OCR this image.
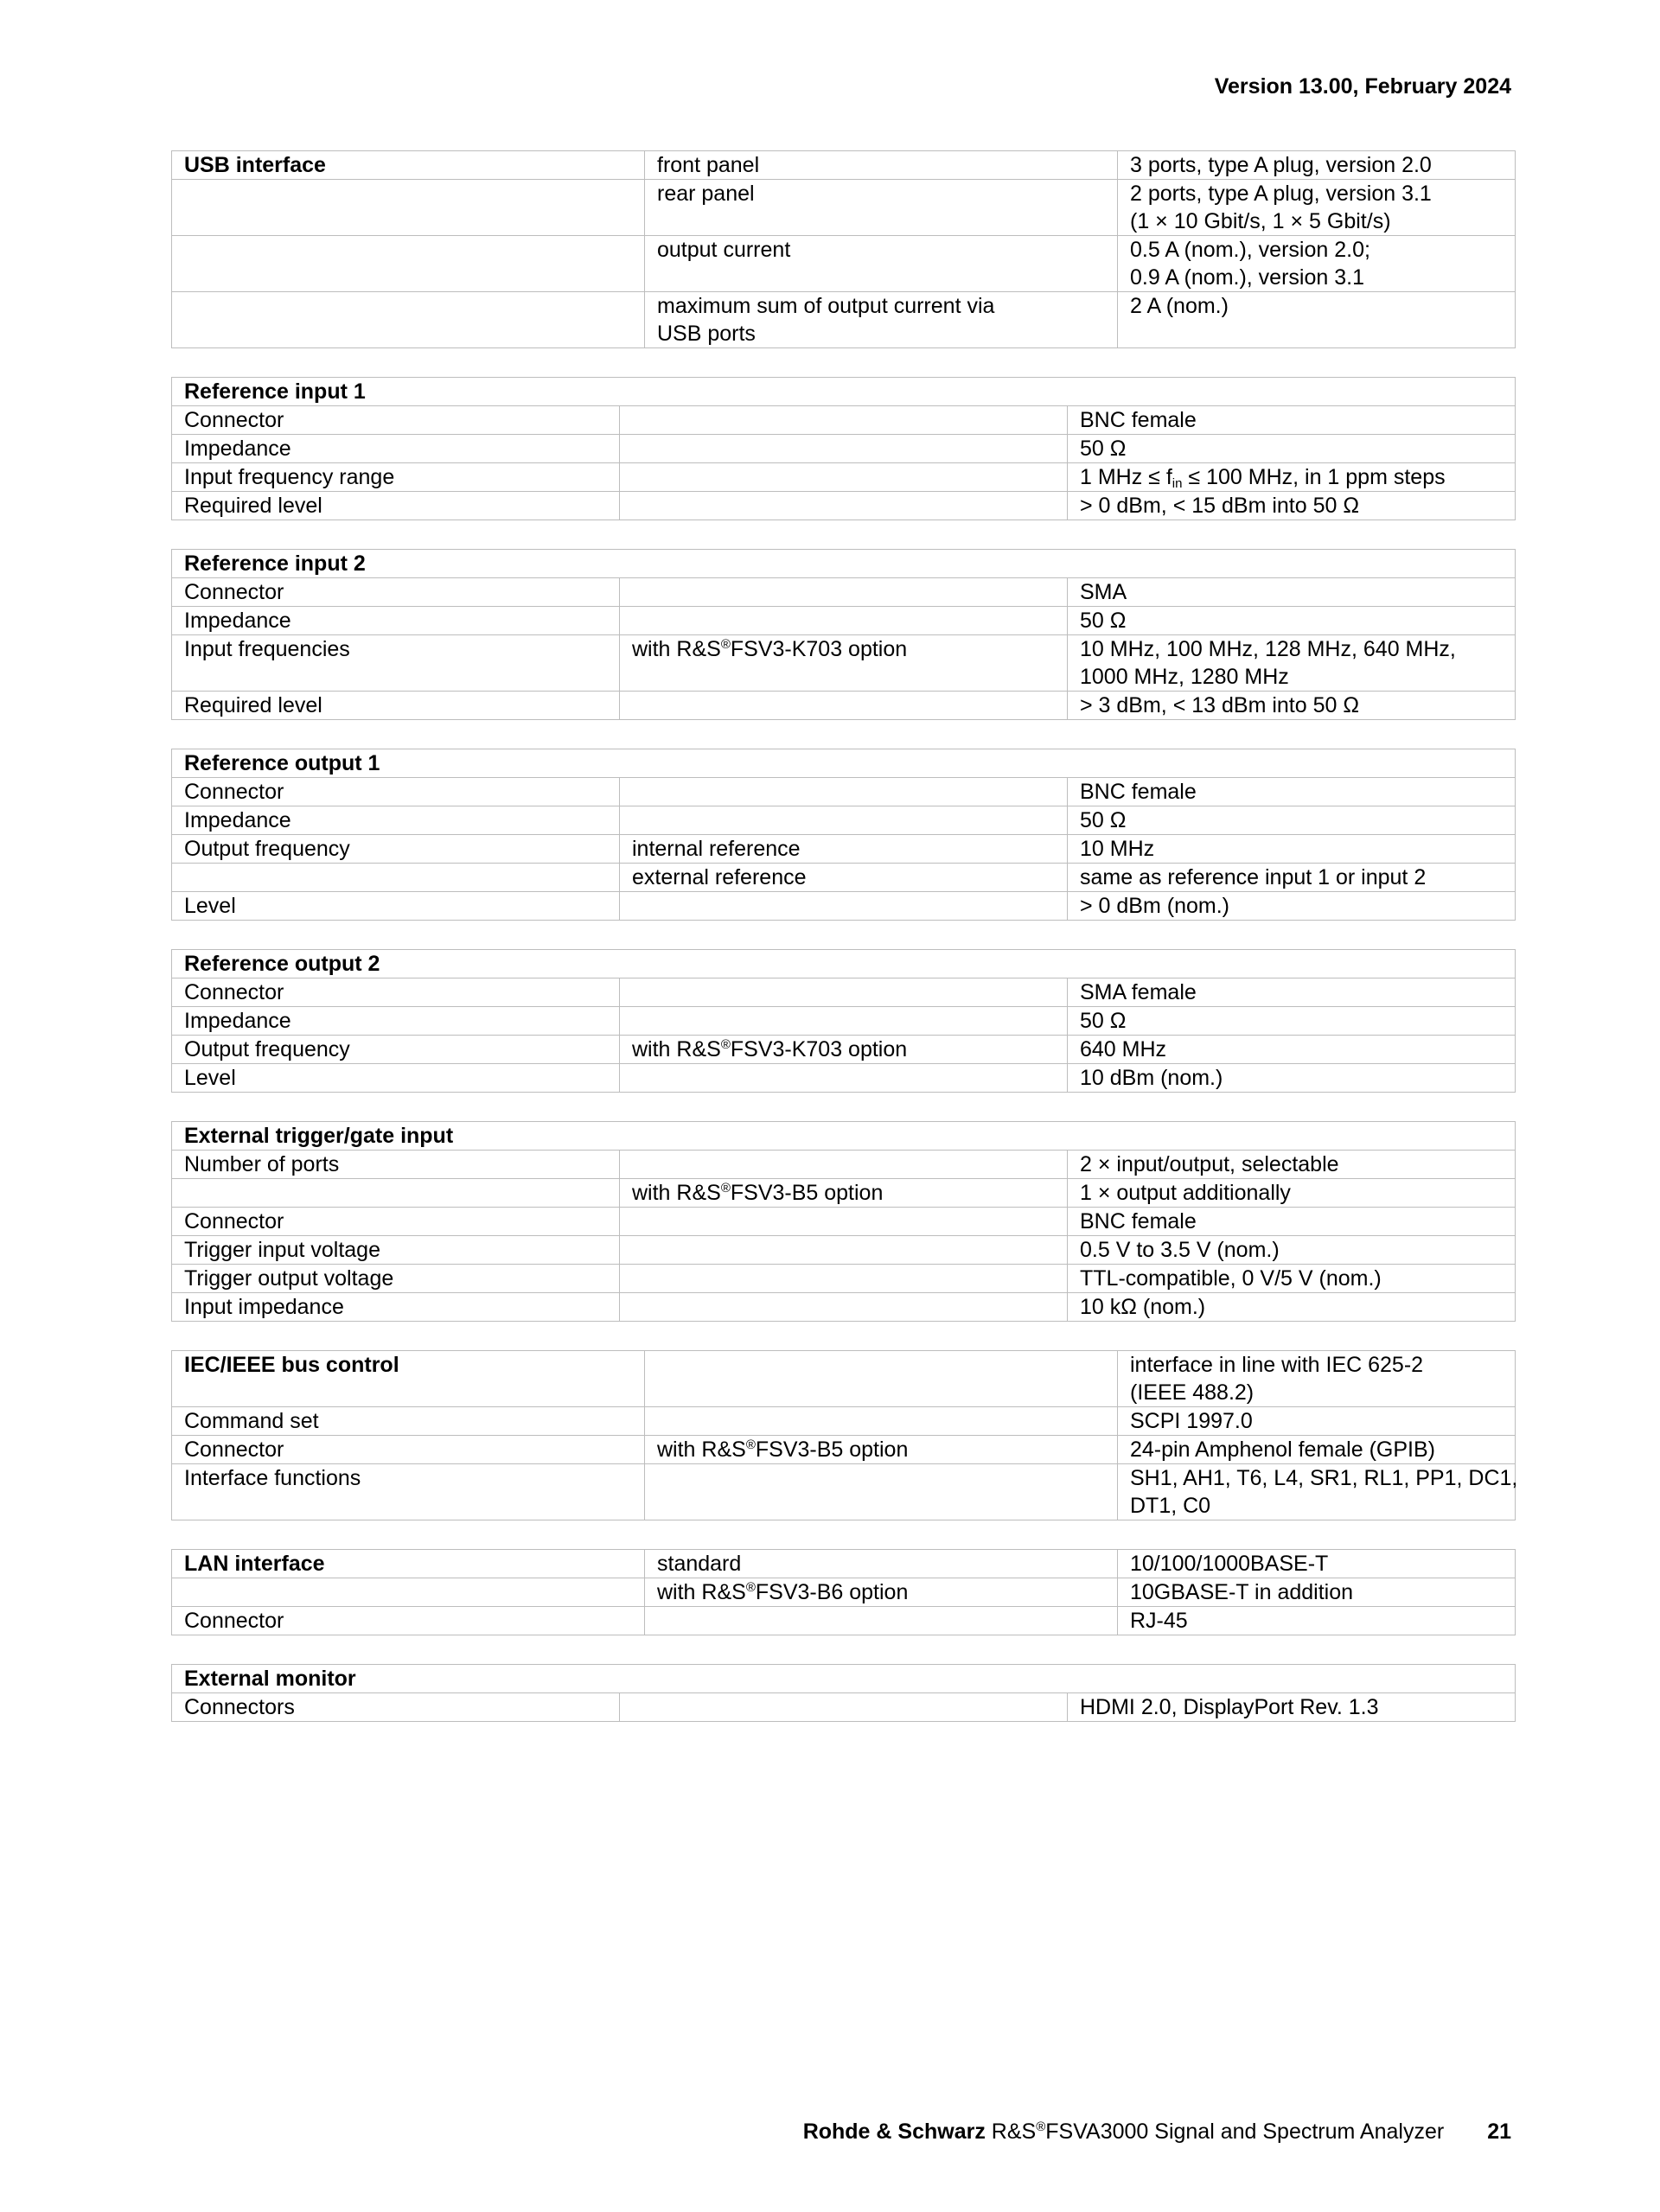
Version 13.00, February 2024
USB interface	front panel	3 ports, type A plug, version 2.0
	rear panel	2 ports, type A plug, version 3.1
(1 × 10 Gbit/s, 1 × 5 Gbit/s)
	output current	0.5 A (nom.), version 2.0;
0.9 A (nom.), version 3.1
	maximum sum of output current via
USB ports	2 A (nom.)
Reference input 1		
Connector		BNC female
Impedance		50 Ω
Input frequency range		1 MHz ≤ $f_{in} \le 100$ MHz, in 1 ppm steps
Required level		> 0 dBm, < 15 dBm into 50 Ω
Reference input 2		
Connector		SMA
Impedance		50 Ω
Input frequencies	with R&S®FSV3-K703 option	10 MHz, 100 MHz, 128 MHz, 640 MHz,
1000 MHz, 1280 MHz
Required level		> 3 dBm, < 13 dBm into 50 Ω
Reference output 1		
Connector		BNC female
Impedance		50 Ω
Output frequency	internal reference	10 MHz
	external reference	same as reference input 1 or input 2
Level		> 0 dBm (nom.)
Reference output 2		
Connector		SMA female
Impedance		50 Ω
Output frequency	with R&S®FSV3-K703 option	640 MHz
Level		10 dBm (nom.)
External trigger/gate input		
Number of ports		2 × input/output, selectable
	with R&S®FSV3-B5 option	1 × output additionally
Connector		BNC female
Trigger input voltage		0.5 V to 3.5 V (nom.)
Trigger output voltage		TTL-compatible, 0 V/5 V (nom.)
Input impedance		10 kΩ (nom.)
IEC/IEEE bus control		interface in line with IEC 625-2
(IEEE 488.2)
Command set		SCPI 1997.0
Connector	with R&S®FSV3-B5 option	24-pin Amphenol female (GPIB)
Interface functions		SH1, AH1, T6, L4, SR1, RL1, PP1, DC1,
DT1, C0
LAN interface	standard	10/100/1000BASE-T
	with R&S®FSV3-B6 option	10GBASE-T in addition
Connector		RJ-45
External monitor
Connectors		HDMI 2.0, DisplayPort Rev. 1.3
Rohde & Schwarz R&S®FSVA3000 Signal and Spectrum Analyzer 21
